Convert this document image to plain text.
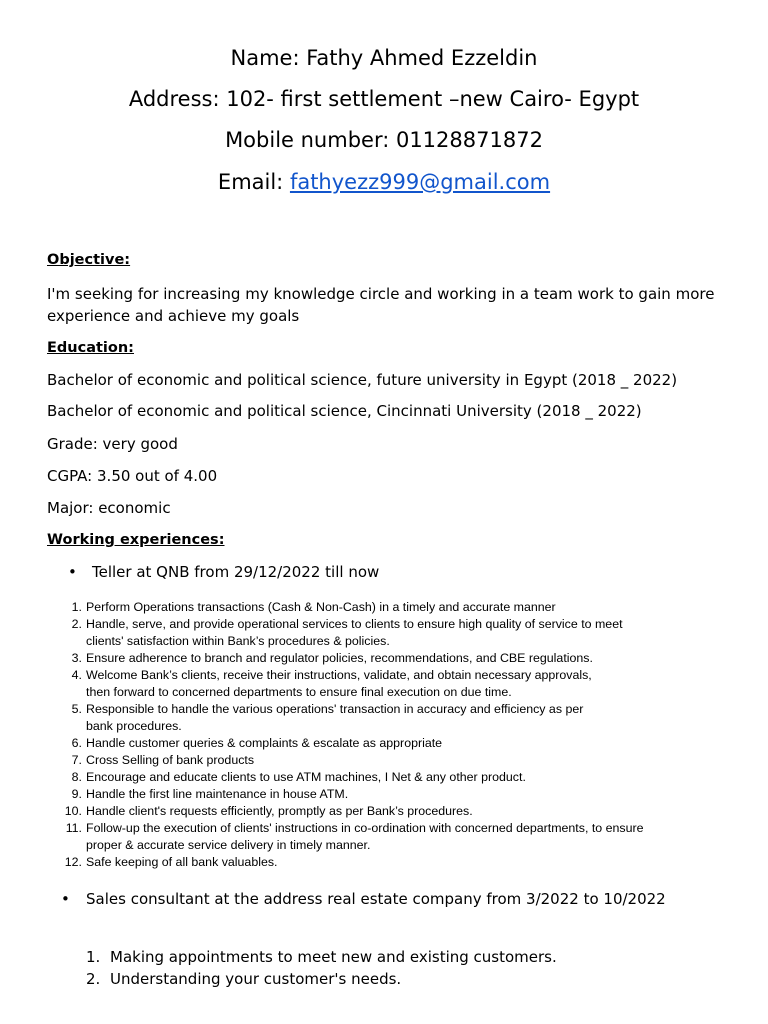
Name: Fathy Ahmed Ezzeldin
Address: 102- first settlement –new Cairo- Egypt
Mobile number: 01128871872
Email: fathyezz999@gmail.com
Objective:
I'm seeking for increasing my knowledge circle and working in a team work to gain more
experience and achieve my goals
Education:
Bachelor of economic and political science, future university in Egypt (2018 _ 2022)
Bachelor of economic and political science, Cincinnati University (2018 _ 2022)
Grade: very good
CGPA: 3.50 out of 4.00
Major: economic
Working experiences:
• Teller at QNB from 29/12/2022 till now
1. Perform Operations transactions (Cash & Non-Cash) in a timely and accurate manner
2. Handle, serve, and provide operational services to clients to ensure high quality of service to meet
clients' satisfaction within Bank’s procedures & policies.
3. Ensure adherence to branch and regulator policies, recommendations, and CBE regulations.
4. Welcome Bank’s clients, receive their instructions, validate, and obtain necessary approvals,
then forward to concerned departments to ensure final execution on due time.
5. Responsible to handle the various operations' transaction in accuracy and efficiency as per
bank procedures.
6. Handle customer queries & complaints & escalate as appropriate
7. Cross Selling of bank products
8. Encourage and educate clients to use ATM machines, I Net & any other product.
9. Handle the first line maintenance in house ATM.
10. Handle client's requests efficiently, promptly as per Bank’s procedures.
11. Follow-up the execution of clients' instructions in co-ordination with concerned departments, to ensure
proper & accurate service delivery in timely manner.
12. Safe keeping of all bank valuables.
• Sales consultant at the address real estate company from 3/2022 to 10/2022
1. Making appointments to meet new and existing customers.
2. Understanding your customer's needs.
